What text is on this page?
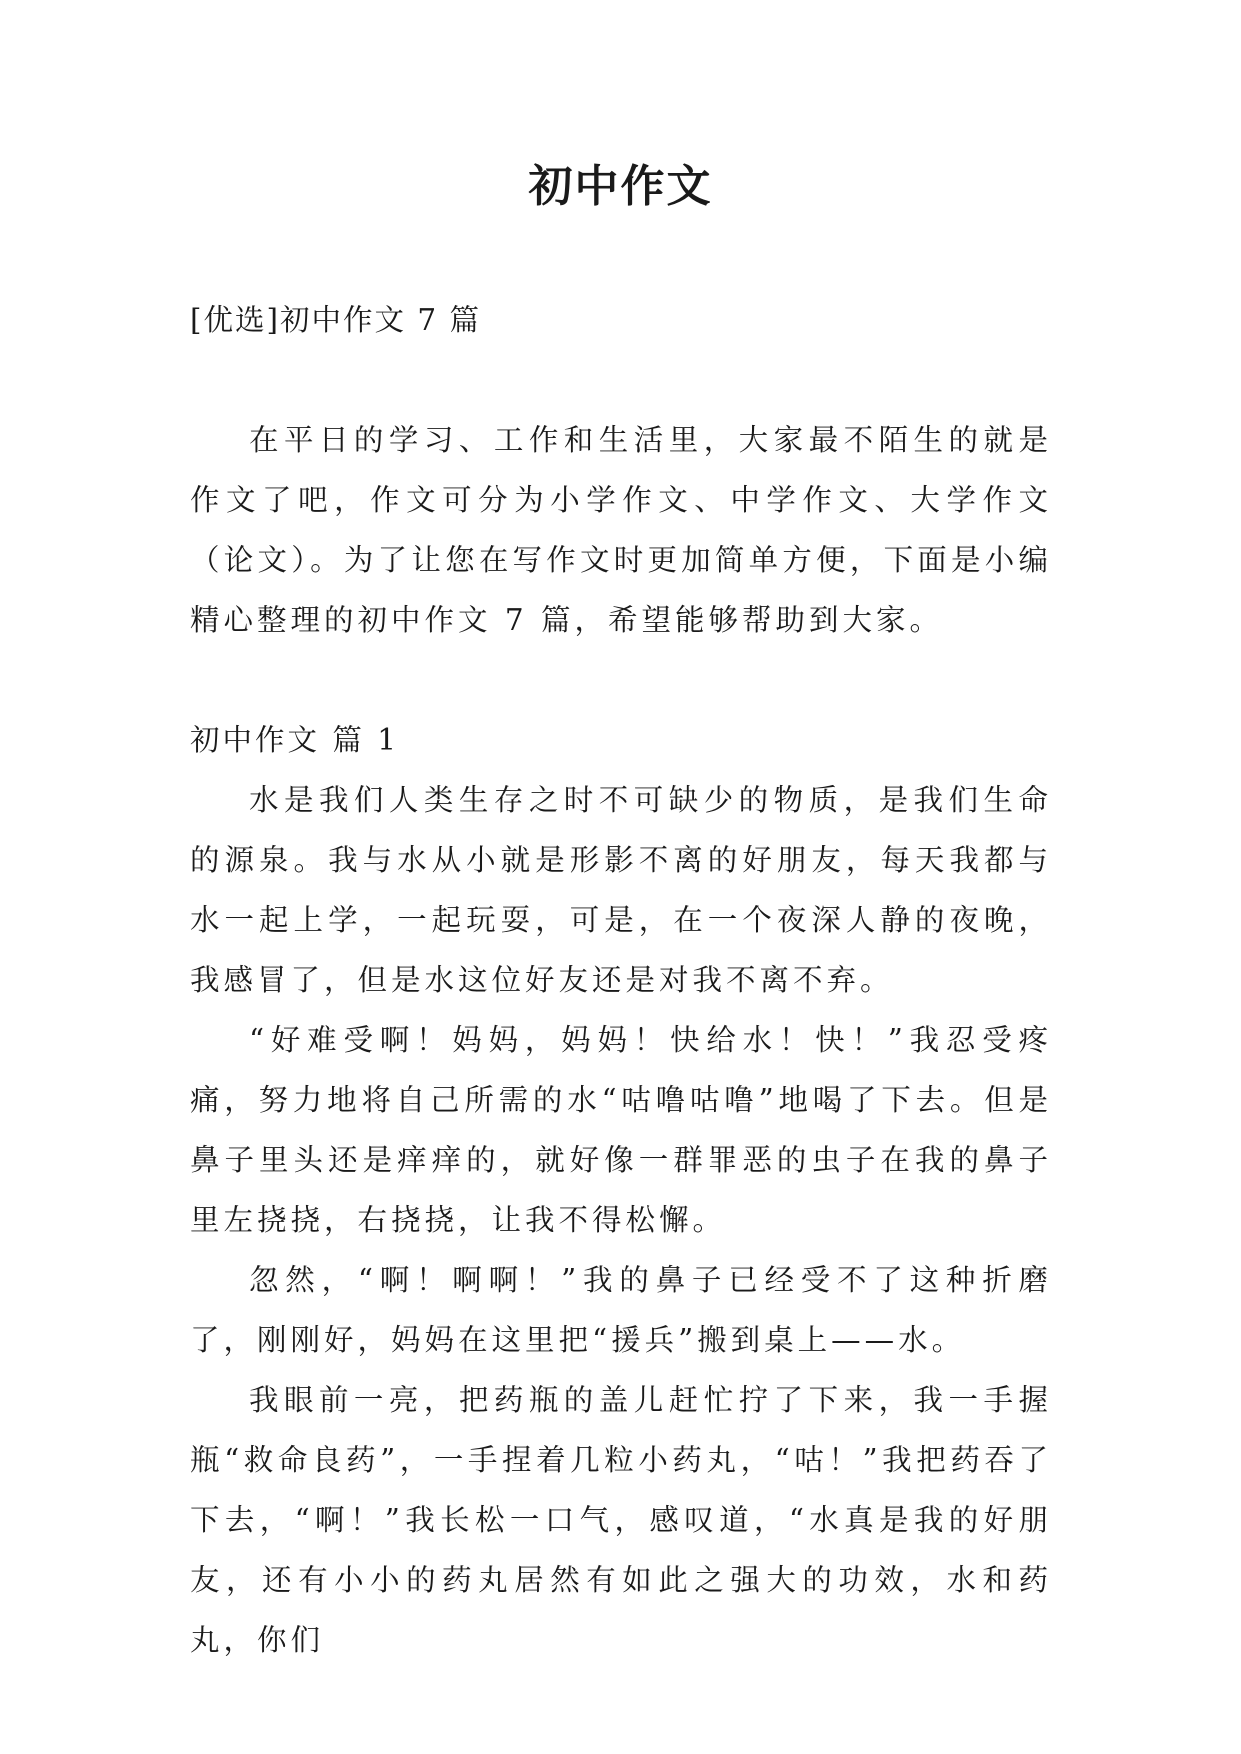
初中作文

[优选]初中作文 7 篇

在平日的学习、工作和生活里，大家最不陌生的就是作文了吧，作文可分为小学作文、中学作文、大学作文（论文）。为了让您在写作文时更加简单方便，下面是小编精心整理的初中作文 7 篇，希望能够帮助到大家。

初中作文 篇 1

水是我们人类生存之时不可缺少的物质，是我们生命的源泉。我与水从小就是形影不离的好朋友，每天我都与水一起上学，一起玩耍，可是，在一个夜深人静的夜晚，我感冒了，但是水这位好友还是对我不离不弃。

“好难受啊！妈妈，妈妈！快给水！快！”我忍受疼痛，努力地将自己所需的水“咕噜咕噜”地喝了下去。但是鼻子里头还是痒痒的，就好像一群罪恶的虫子在我的鼻子里左挠挠，右挠挠，让我不得松懈。

忽然，“啊！啊啊！”我的鼻子已经受不了这种折磨了，刚刚好，妈妈在这里把“援兵”搬到桌上——水。

我眼前一亮，把药瓶的盖儿赶忙拧了下来，我一手握瓶“救命良药”，一手捏着几粒小药丸，“咕！”我把药吞了下去，“啊！”我长松一口气，感叹道，“水真是我的好朋友，还有小小的药丸居然有如此之强大的功效，水和药丸，你们
